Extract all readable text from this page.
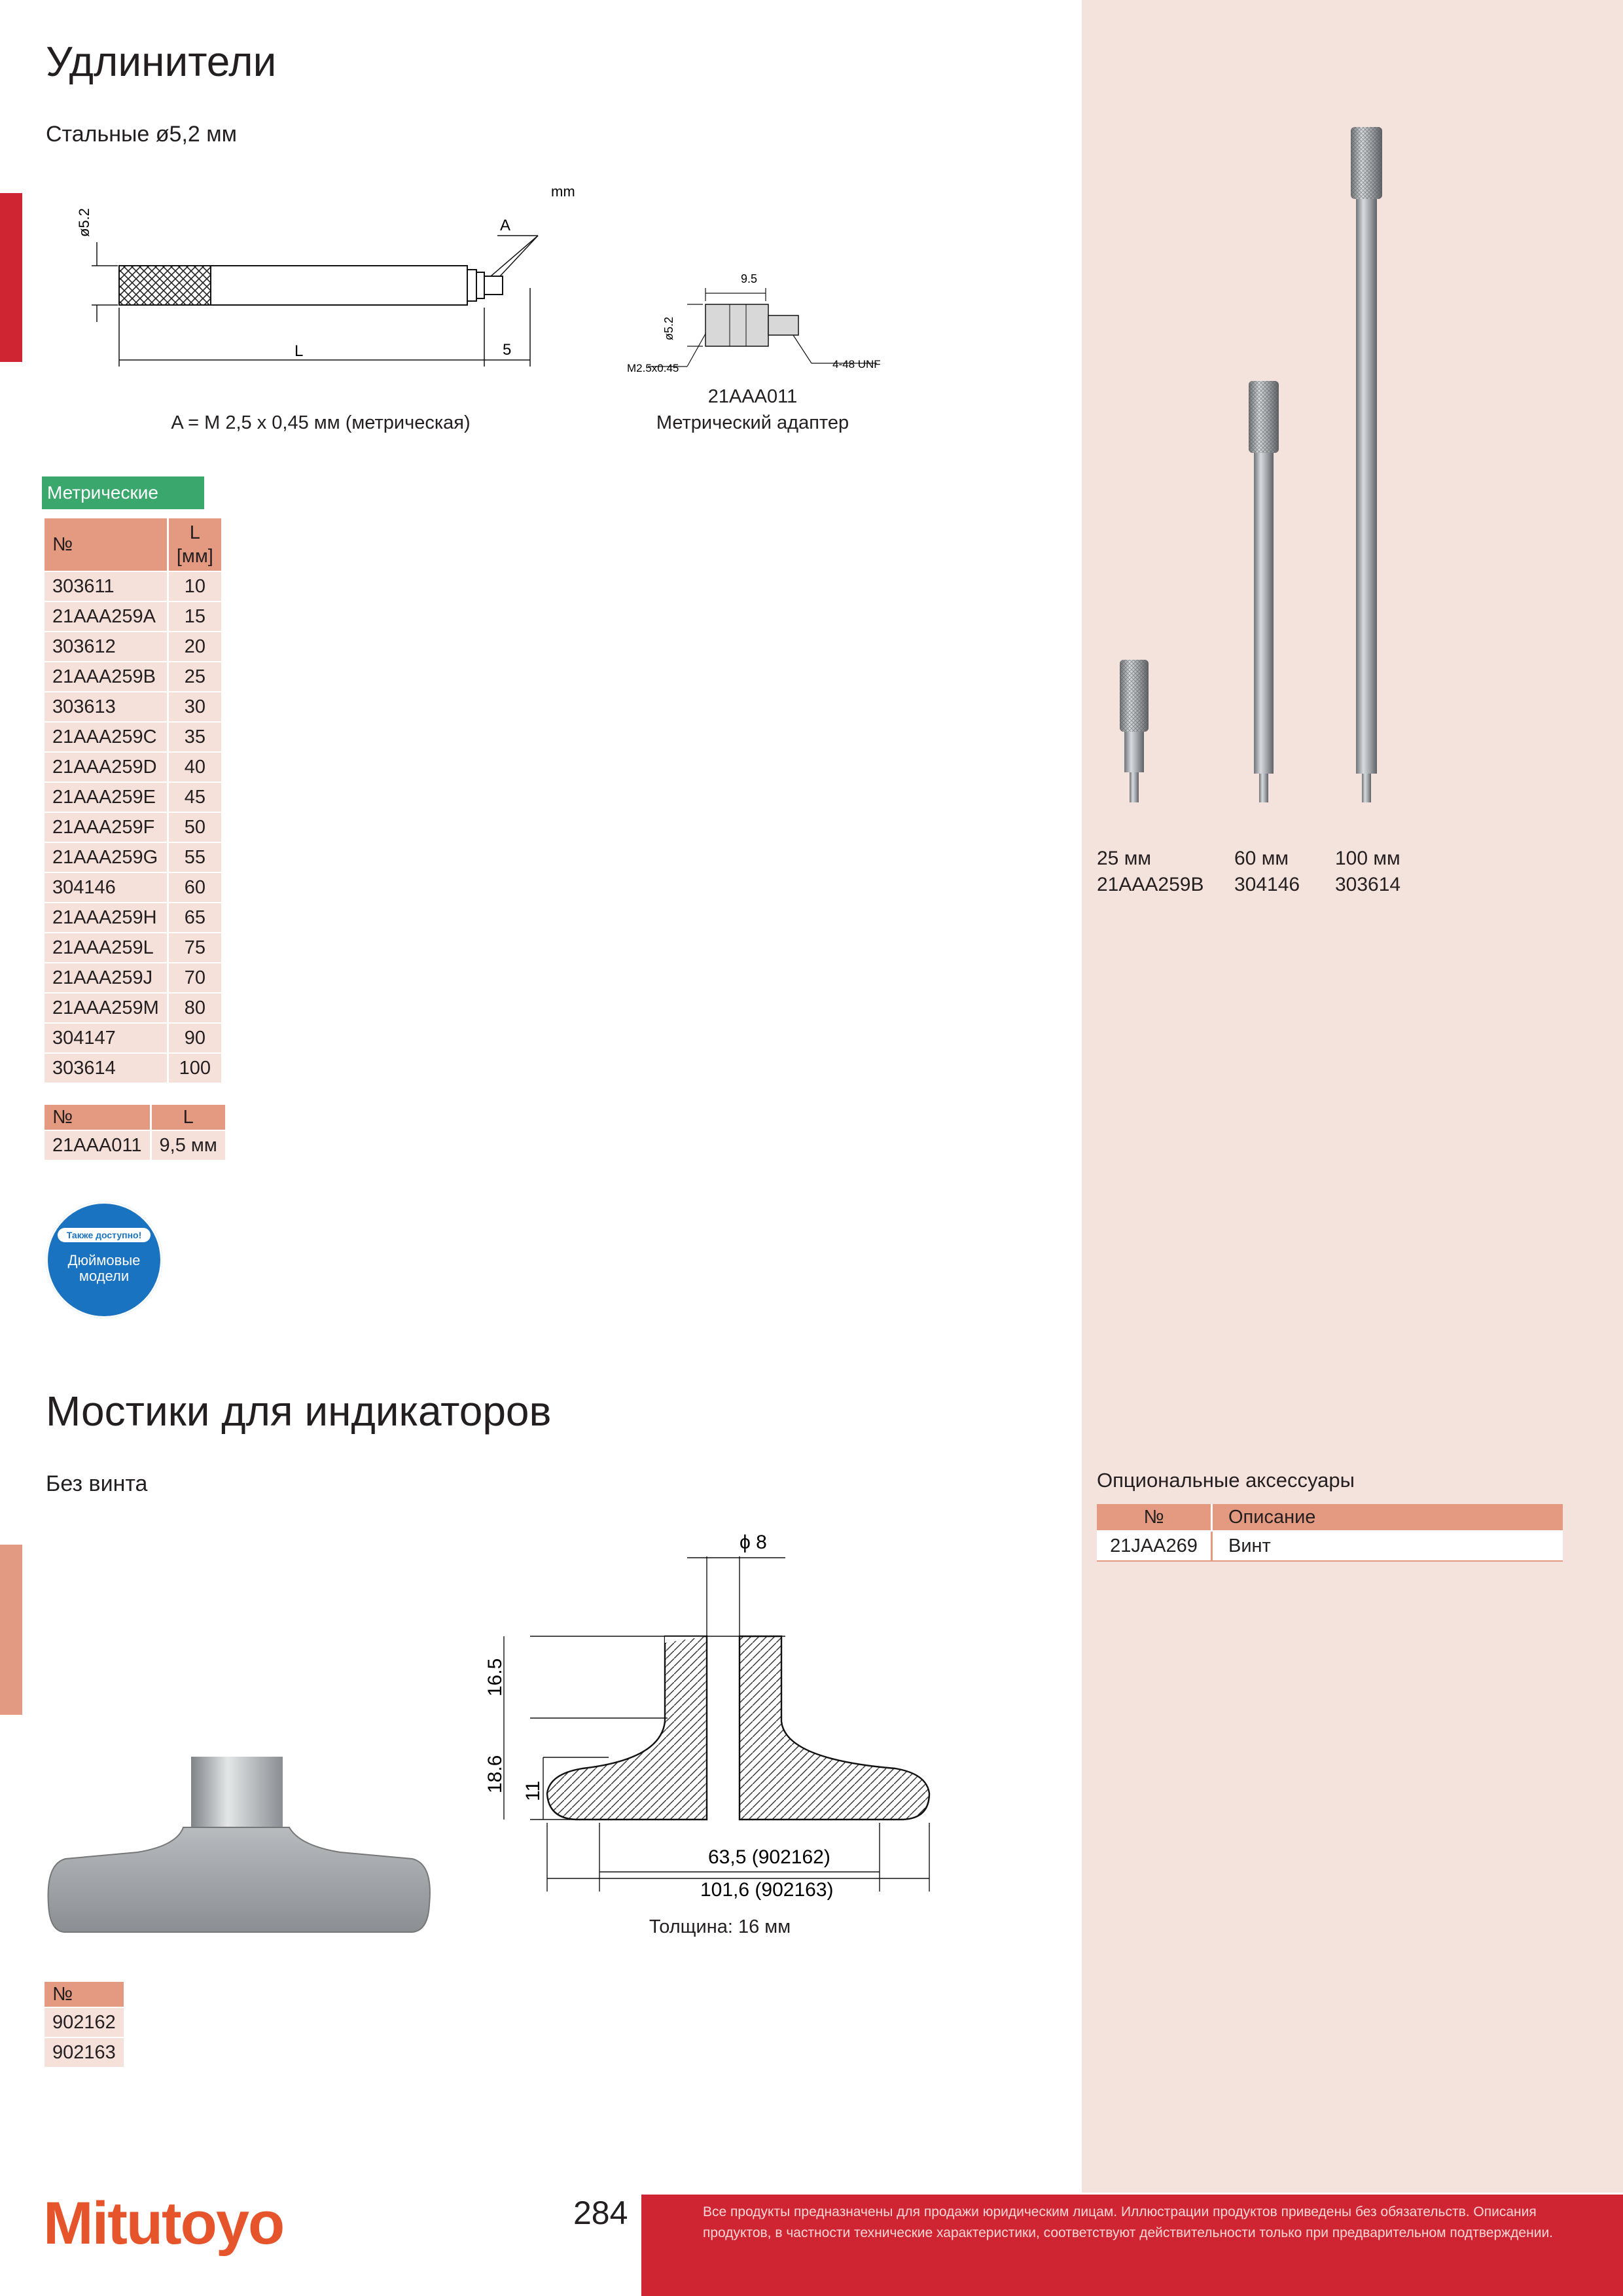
Удлинители
Стальные ø5,2 мм
mm
ø5.2
L	5
A
A = M 2,5 x 0,45 мм (метрическая)
9.5
ø5.2
M2.5x0.45	4-48 UNF
21AAA011
Метрический адаптер
Метрические
№	L
[мм]
303611	10
21AAA259A	15
303612	20
21AAA259B	25
303613	30
21AAA259C	35
21AAA259D	40
21AAA259E	45
21AAA259F	50
21AAA259G	55
304146	60
21AAA259H	65
21AAA259L	75
21AAA259J	70
21AAA259M	80
304147	90
303614	100
№	L
21AAA011	9,5 мм
Также доступно!
Дюймовые
модели
25 мм
21AAA259B
60 мм
304146
100 мм
303614
Мостики для индикаторов
Без винта
ϕ 8
16.5
18.6 11
63,5 (902162)
101,6 (902163)
Толщина: 16 мм
№
902162
902163
Опциональные аксессуары
№	Описание
21JAA269	Винт
Mitutoyo	284	Все продукты предназначены для продажи юридическим лицам. Иллюстрации продуктов приведены без обязательств. Описания продуктов, в частности технические характеристики, соответствуют действительности только при предварительном подтверждении.
